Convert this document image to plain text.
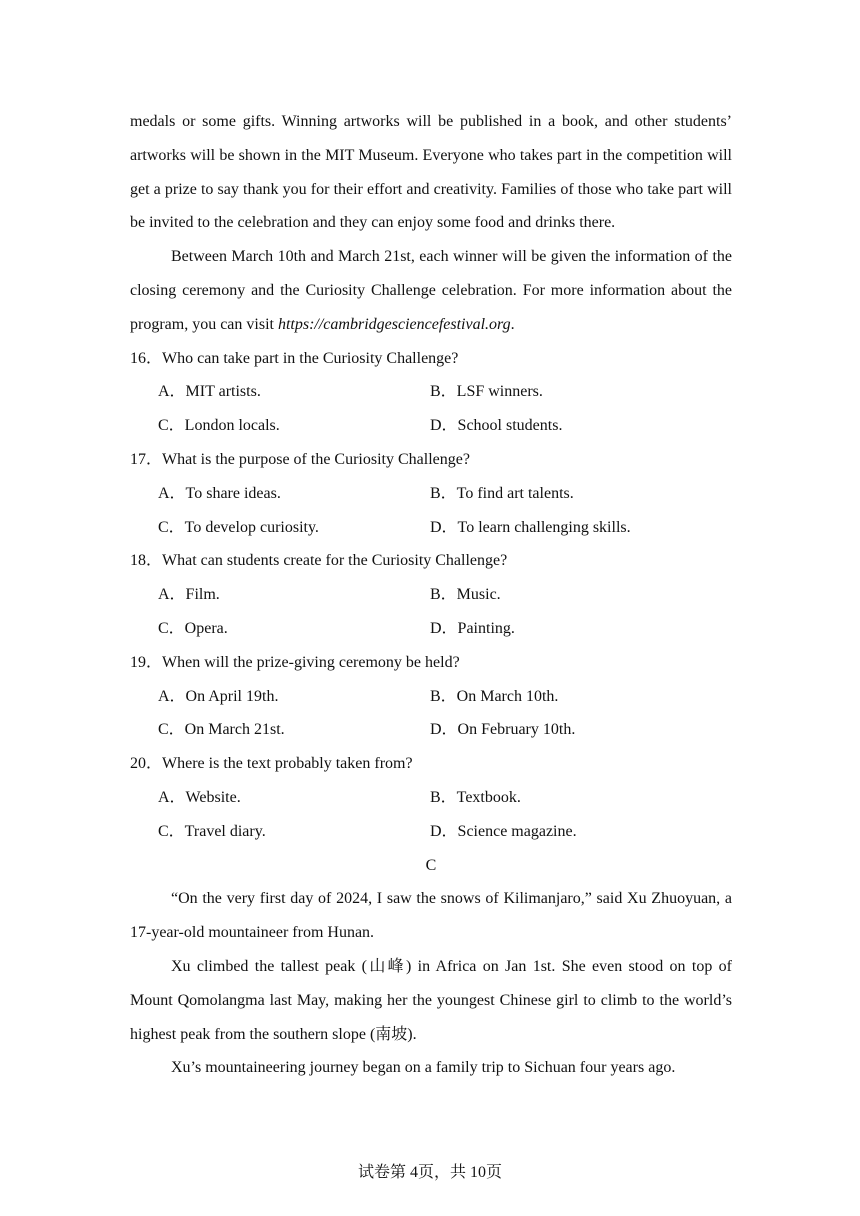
medals or some gifts. Winning artworks will be published in a book, and other students’ artworks will be shown in the MIT Museum. Everyone who takes part in the competition will get a prize to say thank you for their effort and creativity. Families of those who take part will be invited to the celebration and they can enjoy some food and drinks there.

Between March 10th and March 21st, each winner will be given the information of the closing ceremony and the Curiosity Challenge celebration. For more information about the program, you can visit https://cambridgesciencefestival.org.

16．Who can take part in the Curiosity Challenge?
A．MIT artists.	B．LSF winners.
C．London locals.	D．School students.
17．What is the purpose of the Curiosity Challenge?
A．To share ideas.	B．To find art talents.
C．To develop curiosity.	D．To learn challenging skills.
18．What can students create for the Curiosity Challenge?
A．Film.	B．Music.
C．Opera.	D．Painting.
19．When will the prize-giving ceremony be held?
A．On April 19th.	B．On March 10th.
C．On March 21st.	D．On February 10th.
20．Where is the text probably taken from?
A．Website.	B．Textbook.
C．Travel diary.	D．Science magazine.

C

“On the very first day of 2024, I saw the snows of Kilimanjaro,” said Xu Zhuoyuan, a 17-year-old mountaineer from Hunan.

Xu climbed the tallest peak (山峰) in Africa on Jan 1st. She even stood on top of Mount Qomolangma last May, making her the youngest Chinese girl to climb to the world’s highest peak from the southern slope (南坡).

Xu’s mountaineering journey began on a family trip to Sichuan four years ago.

试卷第 4页，共 10页
